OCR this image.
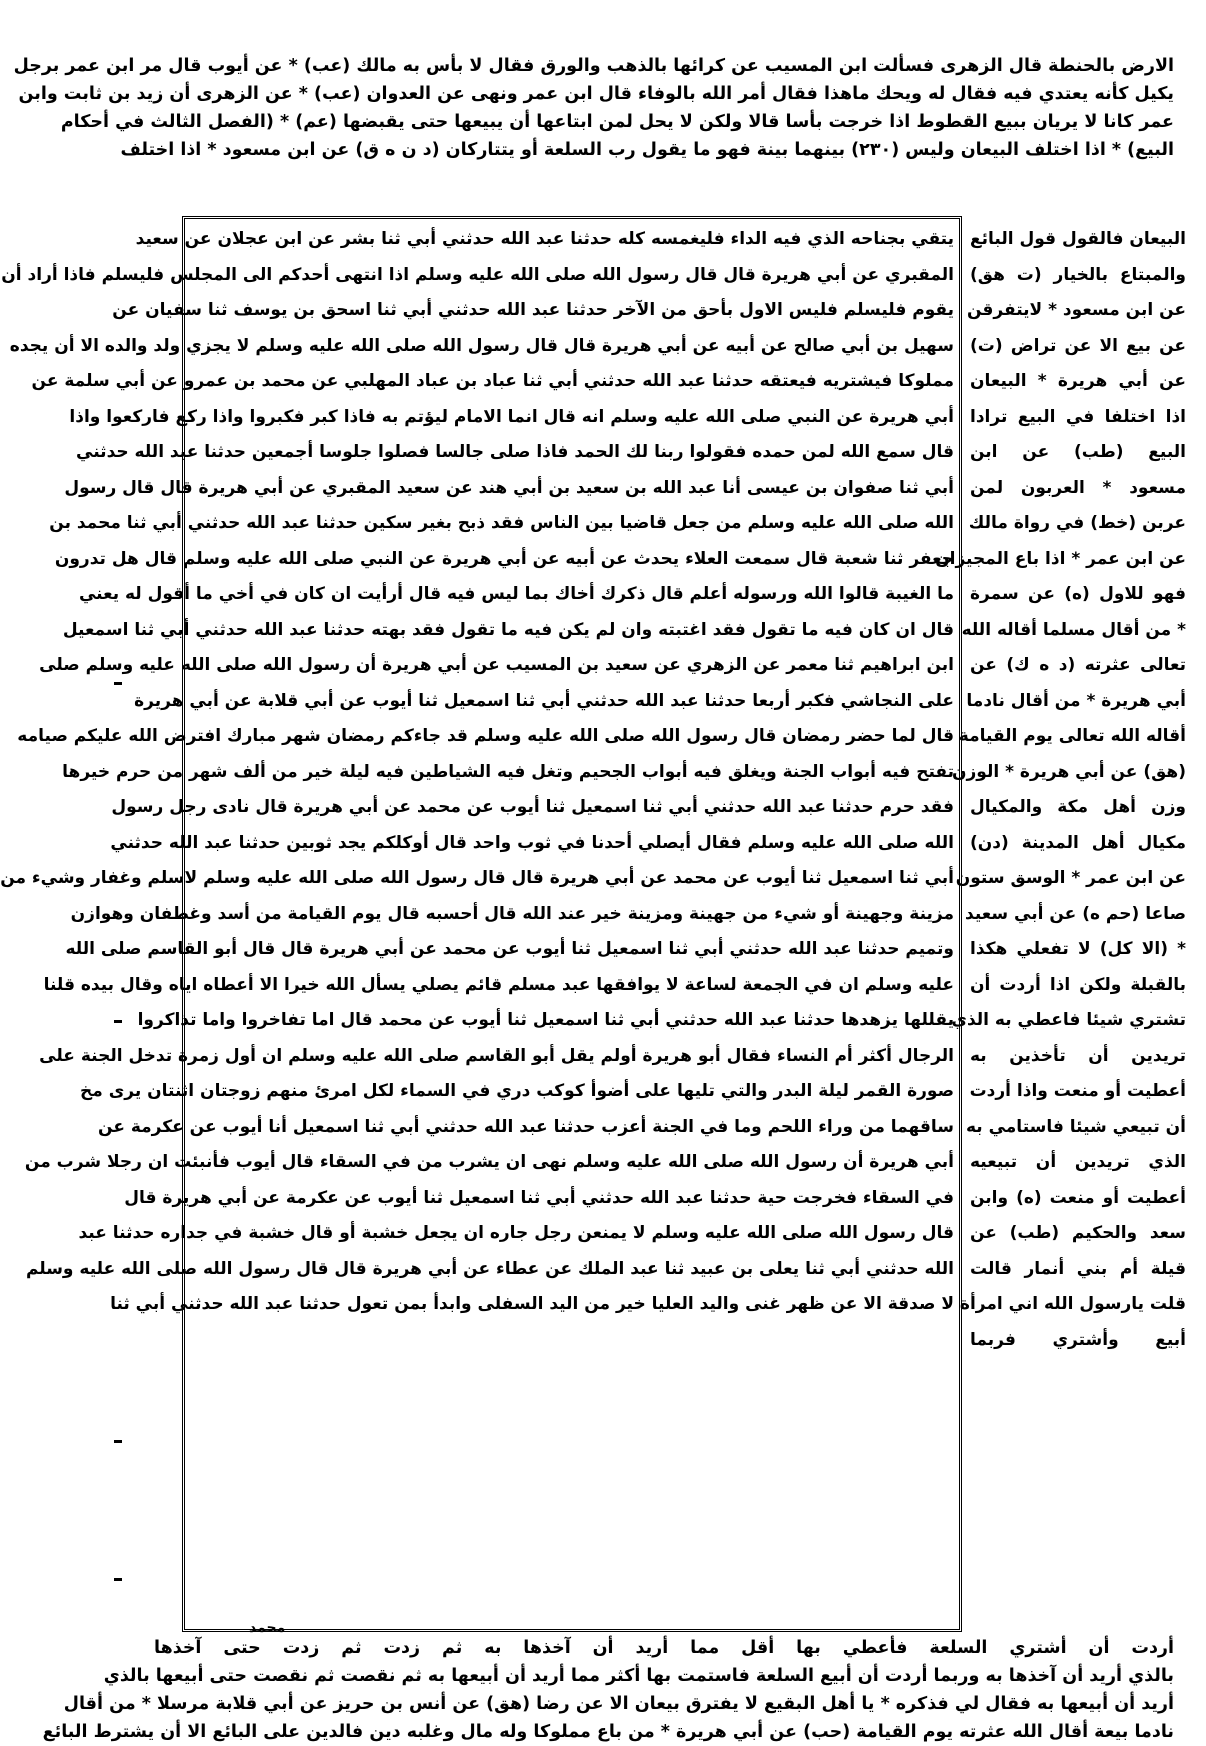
الارض بالحنطة قال الزهرى فسألت ابن المسيب عن كرائها بالذهب والورق فقال لا بأس به مالك (عب) * عن أيوب قال مر ابن عمر برجل
يكيل كأنه يعتدي فيه فقال له ويحك ماهذا فقال أمر الله بالوفاء قال ابن عمر ونهى عن العدوان (عب) * عن الزهرى أن زيد بن ثابت وابن
عمر كانا لا يريان ببيع القطوط اذا خرجت بأسا قالا ولكن لا يحل لمن ابتاعها أن يبيعها حتى يقبضها (عم) * (الفصل الثالث في أحكام
البيع) * اذا اختلف البيعان وليس (٢٣٠) بينهما بينة فهو ما يقول رب السلعة أو يتتاركان (د ن ه ق) عن ابن مسعود * اذا اختلف
يتقي بجناحه الذي فيه الداء فليغمسه كله حدثنا عبد الله حدثني أبي ثنا بشر عن ابن عجلان عن سعيد
المقبري عن أبي هريرة قال قال رسول الله صلى الله عليه وسلم اذا انتهى أحدكم الى المجلس فليسلم فاذا أراد أن
يقوم فليسلم فليس الاول بأحق من الآخر حدثنا عبد الله حدثني أبي ثنا اسحق بن يوسف ثنا سفيان عن
سهيل بن أبي صالح عن أبيه عن أبي هريرة قال قال رسول الله صلى الله عليه وسلم لا يجزي ولد والده الا أن يجده
مملوكا فيشتريه فيعتقه حدثنا عبد الله حدثني أبي ثنا عباد بن عباد المهلبي عن محمد بن عمرو عن أبي سلمة عن
أبي هريرة عن النبي صلى الله عليه وسلم انه قال انما الامام ليؤتم به فاذا كبر فكبروا واذا ركع فاركعوا واذا
قال سمع الله لمن حمده فقولوا ربنا لك الحمد فاذا صلى جالسا فصلوا جلوسا أجمعين حدثنا عبد الله حدثني
أبي ثنا صفوان بن عيسى أنا عبد الله بن سعيد بن أبي هند عن سعيد المقبري عن أبي هريرة قال قال رسول
الله صلى الله عليه وسلم من جعل قاضيا بين الناس فقد ذبح بغير سكين حدثنا عبد الله حدثني أبي ثنا محمد بن
جعفر ثنا شعبة قال سمعت العلاء يحدث عن أبيه عن أبي هريرة عن النبي صلى الله عليه وسلم قال هل تدرون
ما الغيبة قالوا الله ورسوله أعلم قال ذكرك أخاك بما ليس فيه قال أرأيت ان كان في أخي ما أقول له يعني
قال ان كان فيه ما تقول فقد اغتبته وان لم يكن فيه ما تقول فقد بهته حدثنا عبد الله حدثني أبي ثنا اسمعيل
ابن ابراهيم ثنا معمر عن الزهري عن سعيد بن المسيب عن أبي هريرة أن رسول الله صلى الله عليه وسلم صلى
على النجاشي فكبر أربعا حدثنا عبد الله حدثني أبي ثنا اسمعيل ثنا أيوب عن أبي قلابة عن أبي هريرة
قال لما حضر رمضان قال رسول الله صلى الله عليه وسلم قد جاءكم رمضان شهر مبارك افترض الله عليكم صيامه
تفتح فيه أبواب الجنة ويغلق فيه أبواب الجحيم وتغل فيه الشياطين فيه ليلة خير من ألف شهر من حرم خيرها
فقد حرم حدثنا عبد الله حدثني أبي ثنا اسمعيل ثنا أيوب عن محمد عن أبي هريرة قال نادى رجل رسول
الله صلى الله عليه وسلم فقال أيصلي أحدنا في ثوب واحد قال أوكلكم يجد ثوبين حدثنا عبد الله حدثني
أبي ثنا اسمعيل ثنا أيوب عن محمد عن أبي هريرة قال قال رسول الله صلى الله عليه وسلم لاسلم وغفار وشيء من
مزينة وجهينة أو شيء من جهينة ومزينة خير عند الله قال أحسبه قال يوم القيامة من أسد وغطفان وهوازن
وتميم حدثنا عبد الله حدثني أبي ثنا اسمعيل ثنا أيوب عن محمد عن أبي هريرة قال قال أبو القاسم صلى الله
عليه وسلم ان في الجمعة لساعة لا يوافقها عبد مسلم قائم يصلي يسأل الله خيرا الا أعطاه اياه وقال بيده قلنا
يقللها يزهدها حدثنا عبد الله حدثني أبي ثنا اسمعيل ثنا أيوب عن محمد قال اما تفاخروا واما تذاكروا
الرجال أكثر أم النساء فقال أبو هريرة أولم يقل أبو القاسم صلى الله عليه وسلم ان أول زمرة تدخل الجنة على
صورة القمر ليلة البدر والتي تليها على أضوأ كوكب دري في السماء لكل امرئ منهم زوجتان اثنتان يرى مخ
ساقهما من وراء اللحم وما في الجنة أعزب حدثنا عبد الله حدثني أبي ثنا اسمعيل أنا أيوب عن عكرمة عن
أبي هريرة أن رسول الله صلى الله عليه وسلم نهى ان يشرب من في السقاء قال أيوب فأنبئت ان رجلا شرب من
في السقاء فخرجت حية حدثنا عبد الله حدثني أبي ثنا اسمعيل ثنا أيوب عن عكرمة عن أبي هريرة قال
قال رسول الله صلى الله عليه وسلم لا يمنعن رجل جاره ان يجعل خشبة أو قال خشبة في جداره حدثنا عبد
الله حدثني أبي ثنا يعلى بن عبيد ثنا عبد الملك عن عطاء عن أبي هريرة قال قال رسول الله صلى الله عليه وسلم
لا صدقة الا عن ظهر غنى واليد العليا خير من اليد السفلى وابدأ بمن تعول حدثنا عبد الله حدثني أبي ثنا
البيعان فالقول قول البائع
والمبتاع بالخيار (ت هق)
عن ابن مسعود * لايتفرقن
عن بيع الا عن تراض (ت)
عن أبي هريرة * البيعان
اذا اختلفا في البيع ترادا
البيع (طب) عن ابن
مسعود * العربون لمن
عربن (خط) في رواة مالك
عن ابن عمر * اذا باع المجيزان
فهو للاول (ه) عن سمرة
* من أقال مسلما أقاله الله
تعالى عثرته (د ه ك) عن
أبي هريرة * من أقال نادما
أقاله الله تعالى يوم القيامة
(هق) عن أبي هريرة * الوزن
وزن أهل مكة والمكيال
مكيال أهل المدينة (دن)
عن ابن عمر * الوسق ستون
صاعا (حم ه) عن أبي سعيد
* (الا كل) لا تفعلي هكذا
بالقبلة ولكن اذا أردت أن
تشتري شيئا فاعطي به الذي
تريدين أن تأخذين به
أعطيت أو منعت واذا أردت
أن تبيعي شيئا فاستامي به
الذي تريدين أن تبيعيه
أعطيت أو منعت (ه) وابن
سعد والحكيم (طب) عن
قيلة أم بني أنمار قالت
قلت يارسول الله اني امرأة
أبيع وأشتري فربما
محمد
أردت أن أشتري السلعة فأعطي بها أقل مما أريد أن آخذها به ثم زدت ثم زدت حتى آخذها
بالذي أريد أن آخذها به وربما أردت أن أبيع السلعة فاستمت بها أكثر مما أريد أن أبيعها به ثم نقصت ثم نقصت حتى أبيعها بالذي
أريد أن أبيعها به فقال لي فذكره * يا أهل البقيع لا يفترق بيعان الا عن رضا (هق) عن أنس بن حريز عن أبي قلابة مرسلا * من أقال
نادما بيعة أقال الله عثرته يوم القيامة (حب) عن أبي هريرة * من باع مملوكا وله مال وغلبه دين فالدين على البائع الا أن يشترط البائع
